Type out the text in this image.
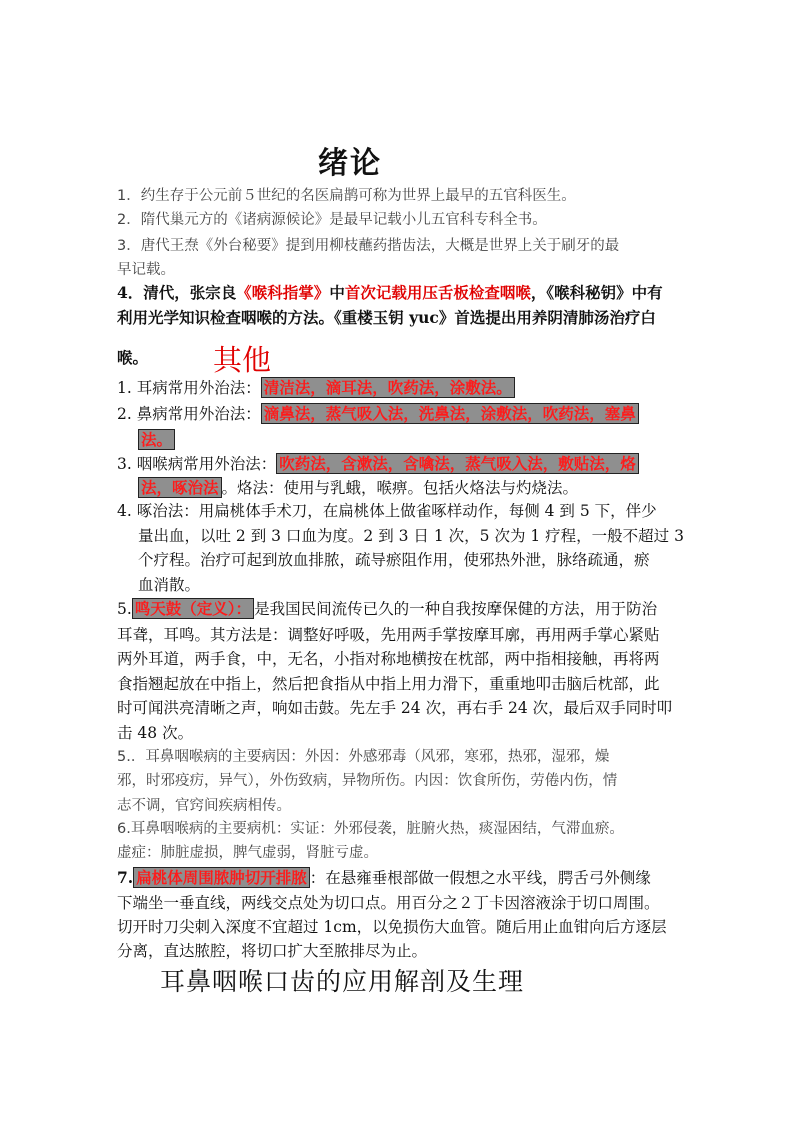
绪论
1．约生存于公元前５世纪的名医扁鹊可称为世界上最早的五官科医生。
2．隋代巢元方的《诸病源候论》是最早记载小儿五官科专科全书。
3．唐代王焘《外台秘要》提到用柳枝蘸药揩齿法，大概是世界上关于刷牙的最
早记载。
4．清代，张宗良《喉科指掌》中首次记载用压舌板检查咽喉，《喉科秘钥》中有
利用光学知识检查咽喉的方法。《重楼玉钥 yuc》首选提出用养阴清肺汤治疗白
喉。	其他
1. 耳病常用外治法： 清洁法，滴耳法，吹药法，涂敷法。
2. 鼻病常用外治法： 滴鼻法，蒸气吸入法，洗鼻法，涂敷法，吹药法，塞鼻
法。
3. 咽喉病常用外治法： 吹药法，含漱法，含噙法，蒸气吸入法，敷贴法，烙
法，啄治法 。烙法：使用与乳蛾，喉痹。包括火烙法与灼烧法。
4. 啄治法：用扁桃体手术刀，在扁桃体上做雀啄样动作，每侧 4 到 5 下，伴少
量出血，以吐 2 到 3 口血为度。2 到 3 日 1 次，5 次为 1 疗程，一般不超过 3
个疗程。治疗可起到放血排脓，疏导瘀阻作用，使邪热外泄，脉络疏通，瘀
血消散。
5. 鸣天鼓（定义）： 是我国民间流传已久的一种自我按摩保健的方法，用于防治
耳聋，耳鸣。其方法是：调整好呼吸，先用两手掌按摩耳廓，再用两手掌心紧贴
两外耳道，两手食，中，无名，小指对称地横按在枕部，两中指相接触，再将两
食指翘起放在中指上，然后把食指从中指上用力滑下，重重地叩击脑后枕部，此
时可闻洪亮清晰之声，响如击鼓。先左手 24 次，再右手 24 次，最后双手同时叩
击 48 次。
5.．耳鼻咽喉病的主要病因：外因：外感邪毒（风邪，寒邪，热邪，湿邪，燥
邪，时邪疫疠，异气），外伤致病，异物所伤。内因：饮食所伤，劳倦内伤，情
志不调，官窍间疾病相传。
6.耳鼻咽喉病的主要病机：实证：外邪侵袭，脏腑火热，痰湿困结，气滞血瘀。
虚症：肺脏虚损，脾气虚弱，肾脏亏虚。
7. 扁桃体周围脓肿切开排脓 ：在悬雍垂根部做一假想之水平线，腭舌弓外侧缘
下端坐一垂直线，两线交点处为切口点。用百分之２丁卡因溶液涂于切口周围。
切开时刀尖刺入深度不宜超过 1cm，以免损伤大血管。随后用止血钳向后方逐层
分离，直达脓腔，将切口扩大至脓排尽为止。
耳鼻咽喉口齿的应用解剖及生理
